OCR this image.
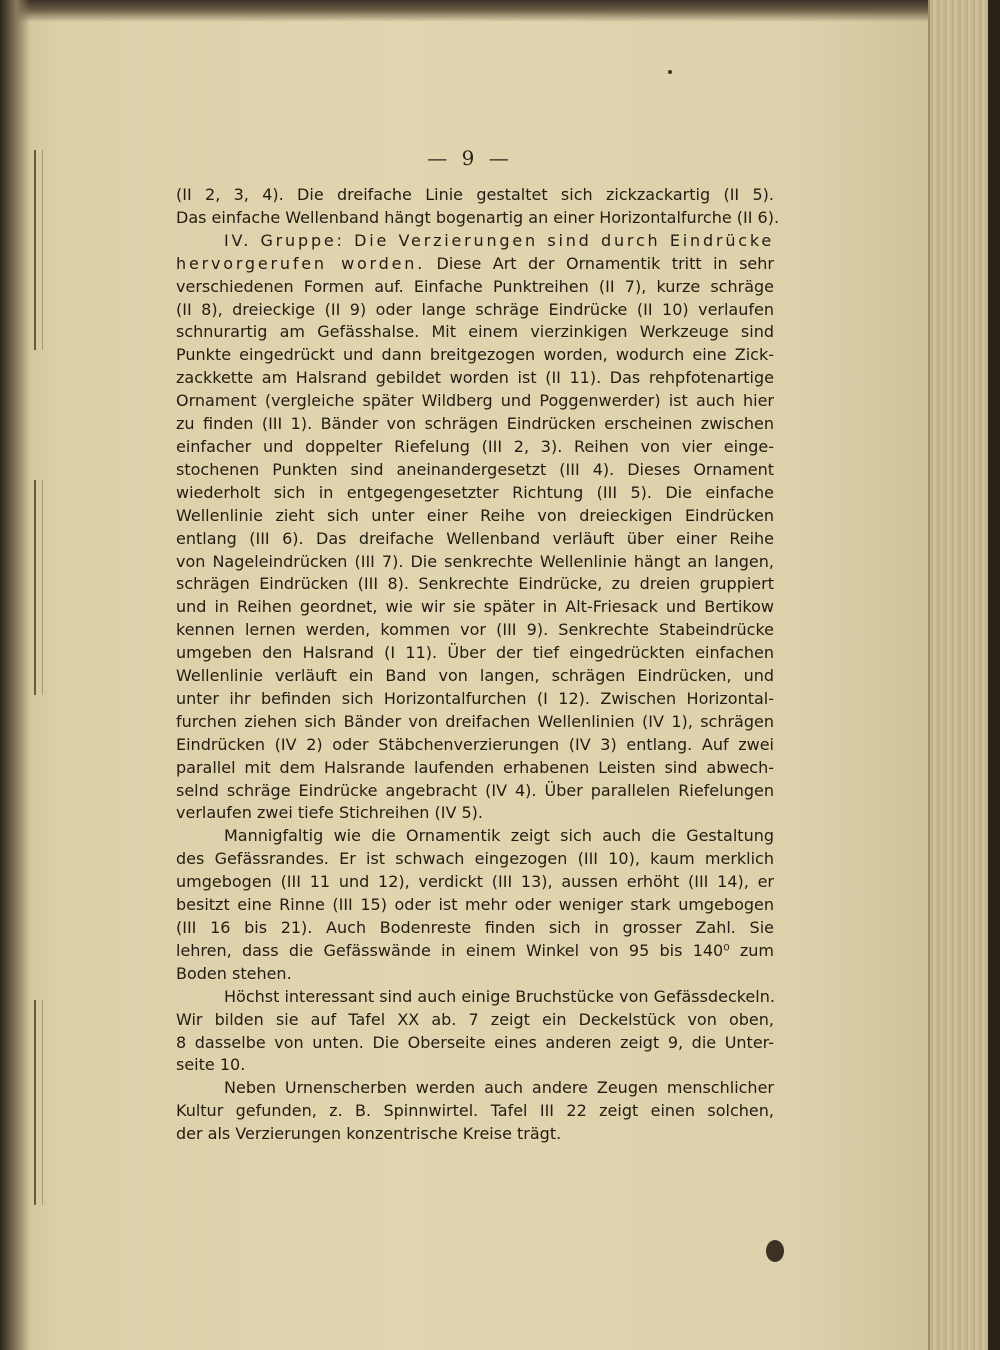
— 9 —
(II 2, 3, 4). Die dreifache Linie gestaltet sich zickzackartig (II 5).
Das einfache Wellenband hängt bogenartig an einer Horizontalfurche (II 6).
IV. Gruppe: Die Verzierungen sind durch Eindrücke
hervorgerufen worden. Diese Art der Ornamentik tritt in sehr
verschiedenen Formen auf. Einfache Punktreihen (II 7), kurze schräge
(II 8), dreieckige (II 9) oder lange schräge Eindrücke (II 10) verlaufen
schnurartig am Gefässhalse. Mit einem vierzinkigen Werkzeuge sind
Punkte eingedrückt und dann breitgezogen worden, wodurch eine Zick-
zackkette am Halsrand gebildet worden ist (II 11). Das rehpfotenartige
Ornament (vergleiche später Wildberg und Poggenwerder) ist auch hier
zu finden (III 1). Bänder von schrägen Eindrücken erscheinen zwischen
einfacher und doppelter Riefelung (III 2, 3). Reihen von vier einge-
stochenen Punkten sind aneinandergesetzt (III 4). Dieses Ornament
wiederholt sich in entgegengesetzter Richtung (III 5). Die einfache
Wellenlinie zieht sich unter einer Reihe von dreieckigen Eindrücken
entlang (III 6). Das dreifache Wellenband verläuft über einer Reihe
von Nageleindrücken (III 7). Die senkrechte Wellenlinie hängt an langen,
schrägen Eindrücken (III 8). Senkrechte Eindrücke, zu dreien gruppiert
und in Reihen geordnet, wie wir sie später in Alt-Friesack und Bertikow
kennen lernen werden, kommen vor (III 9). Senkrechte Stabeindrücke
umgeben den Halsrand (I 11). Über der tief eingedrückten einfachen
Wellenlinie verläuft ein Band von langen, schrägen Eindrücken, und
unter ihr befinden sich Horizontalfurchen (I 12). Zwischen Horizontal-
furchen ziehen sich Bänder von dreifachen Wellenlinien (IV 1), schrägen
Eindrücken (IV 2) oder Stäbchenverzierungen (IV 3) entlang. Auf zwei
parallel mit dem Halsrande laufenden erhabenen Leisten sind abwech-
selnd schräge Eindrücke angebracht (IV 4). Über parallelen Riefelungen
verlaufen zwei tiefe Stichreihen (IV 5).
Mannigfaltig wie die Ornamentik zeigt sich auch die Gestaltung
des Gefässrandes. Er ist schwach eingezogen (III 10), kaum merklich
umgebogen (III 11 und 12), verdickt (III 13), aussen erhöht (III 14), er
besitzt eine Rinne (III 15) oder ist mehr oder weniger stark umgebogen
(III 16 bis 21). Auch Bodenreste finden sich in grosser Zahl. Sie
lehren, dass die Gefässwände in einem Winkel von 95 bis 140⁰ zum
Boden stehen.
Höchst interessant sind auch einige Bruchstücke von Gefässdeckeln.
Wir bilden sie auf Tafel XX ab. 7 zeigt ein Deckelstück von oben,
8 dasselbe von unten. Die Oberseite eines anderen zeigt 9, die Unter-
seite 10.
Neben Urnenscherben werden auch andere Zeugen menschlicher
Kultur gefunden, z. B. Spinnwirtel. Tafel III 22 zeigt einen solchen,
der als Verzierungen konzentrische Kreise trägt.
